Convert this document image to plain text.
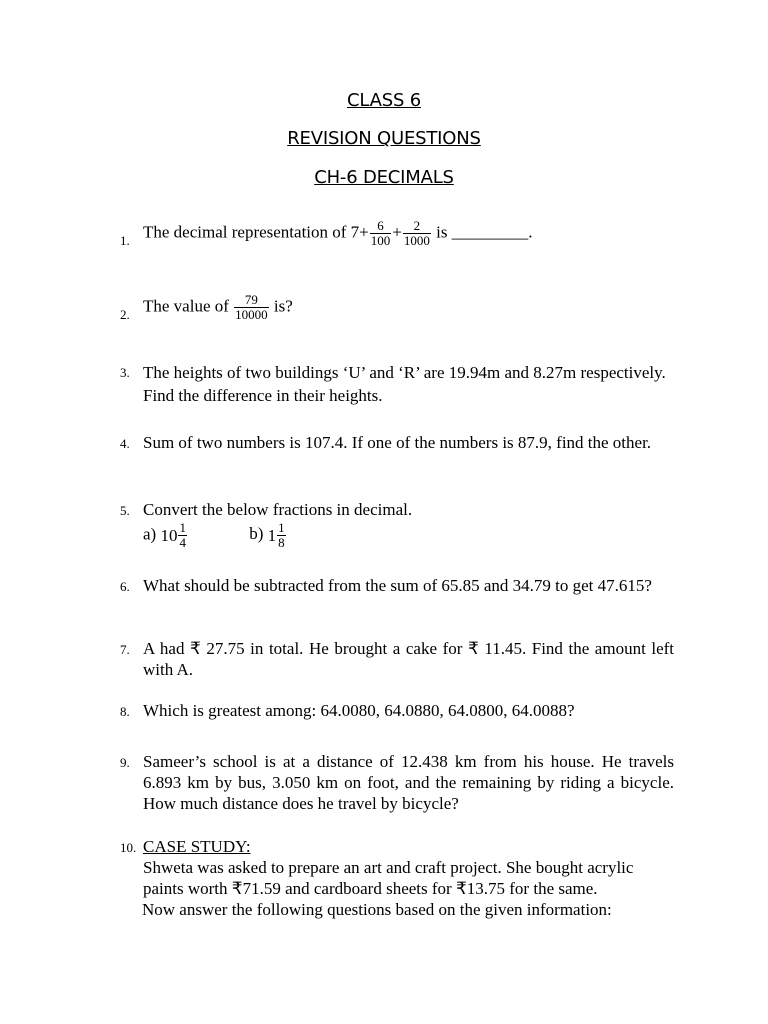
CLASS 6
REVISION QUESTIONS
CH-6 DECIMALS
1. The decimal representation of $7+ \frac{6}{100} + \frac{2}{1000}$ is _________.
2. The value of $\frac{79}{10000}$ is?
3. The heights of two buildings ‘U’ and ‘R’ are 19.94m and 8.27m respectively. Find the difference in their heights.
4. Sum of two numbers is 107.4. If one of the numbers is 87.9, find the other.
5. Convert the below fractions in decimal.
a) $10 \frac{1}{4}$	b) $1 \frac{1}{8}$
6. What should be subtracted from the sum of 65.85 and 34.79 to get 47.615?
7. A had ₹ 27.75 in total. He brought a cake for ₹ 11.45. Find the amount left with A.
8. Which is greatest among: 64.0080, 64.0880, 64.0800, 64.0088?
9. Sameer’s school is at a distance of 12.438 km from his house. He travels 6.893 km by bus, 3.050 km on foot, and the remaining by riding a bicycle. How much distance does he travel by bicycle?
10. CASE STUDY:
Shweta was asked to prepare an art and craft project. She bought acrylic paints worth ₹71.59 and cardboard sheets for ₹13.75 for the same.
Now answer the following questions based on the given information:
